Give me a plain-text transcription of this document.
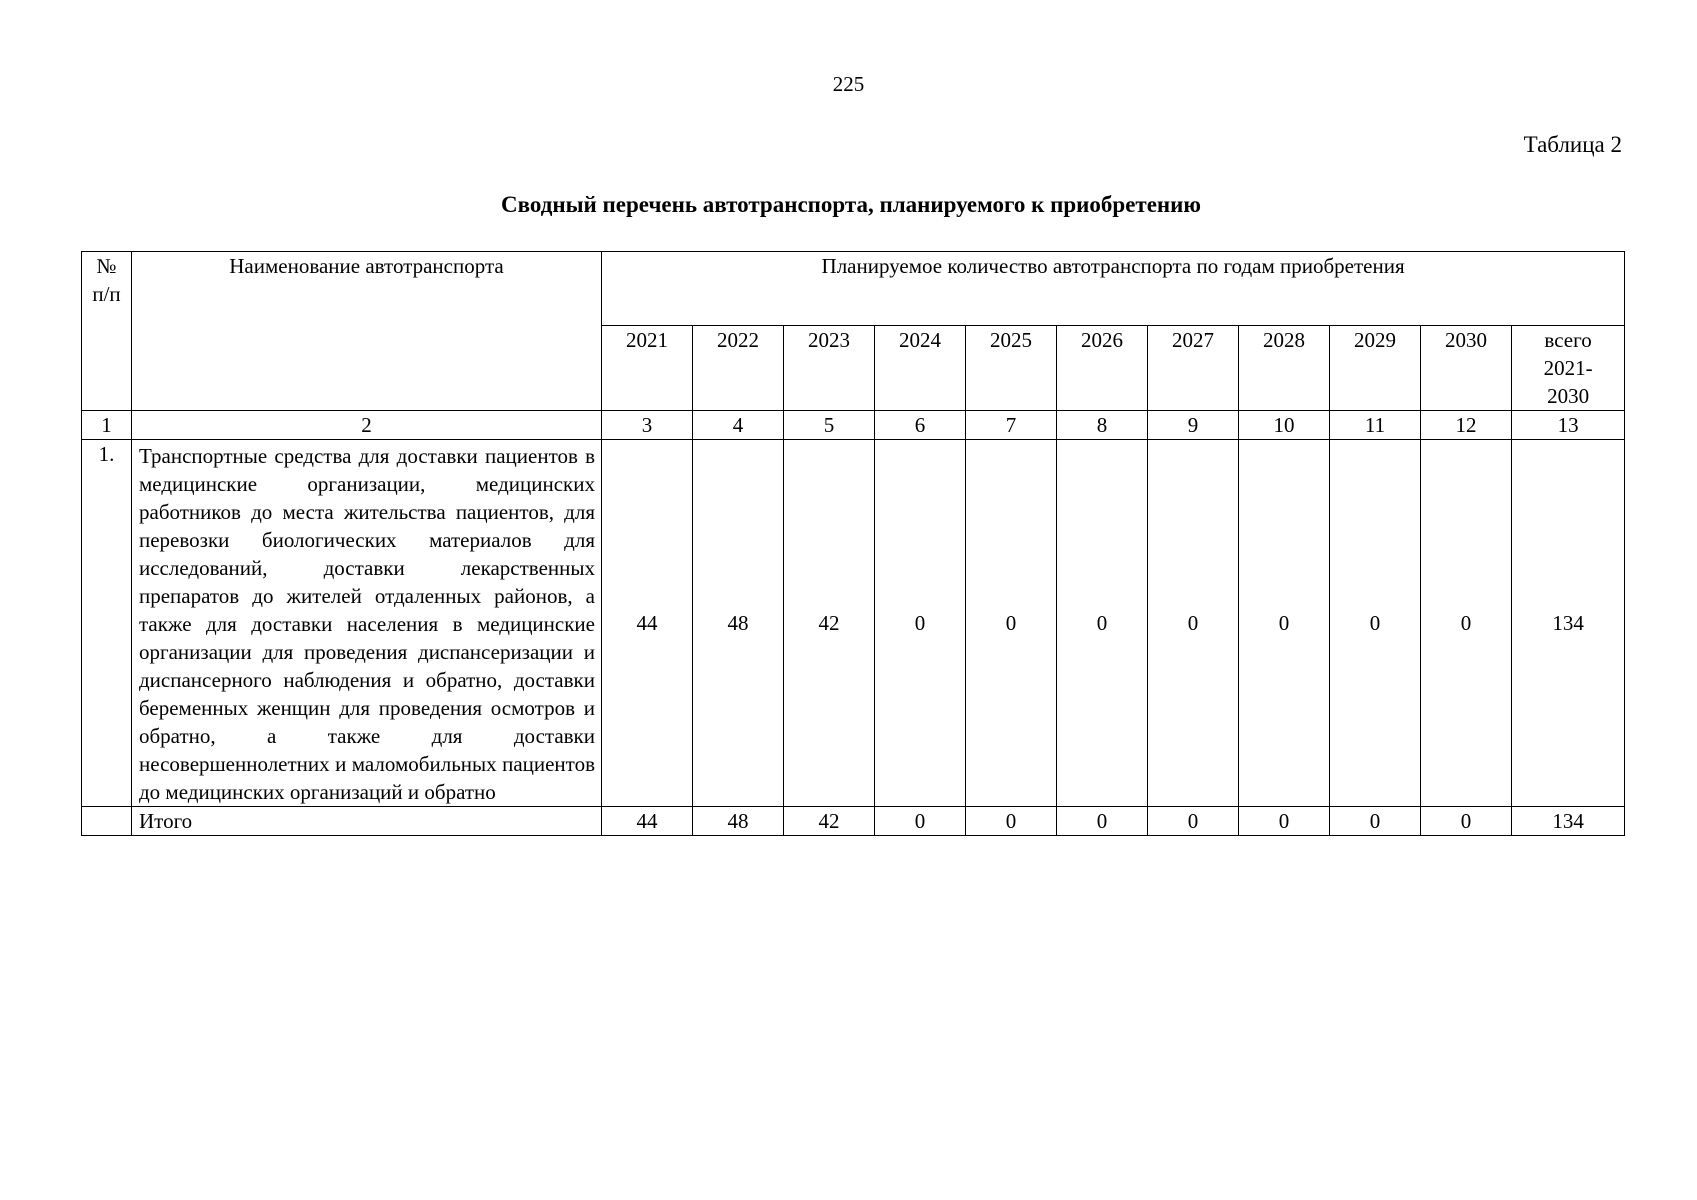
225
Таблица 2
Сводный перечень автотранспорта, планируемого к приобретению
№ п/п	Наименование автотранспорта	Планируемое количество автотранспорта по годам приобретения										
		2021	2022	2023	2024	2025	2026	2027	2028	2029	2030	всего 2021- 2030
1	2	3	4	5	6	7	8	9	10	11	12	13
1.	Транспортные средства для доставки пациентов в медицинские организации, медицинских работников до места жительства пациентов, для перевозки биологических материалов для исследований, доставки лекарственных препаратов до жителей отдаленных районов, а также для доставки населения в медицинские организации для проведения диспансеризации и диспансерного наблюдения и обратно, доставки беременных женщин для проведения осмотров и обратно, а также для доставки несовершеннолетних и маломобильных пациентов до медицинских организаций и обратно	44	48	42	0	0	0	0	0	0	0	134
	Итого	44	48	42	0	0	0	0	0	0	0	134
